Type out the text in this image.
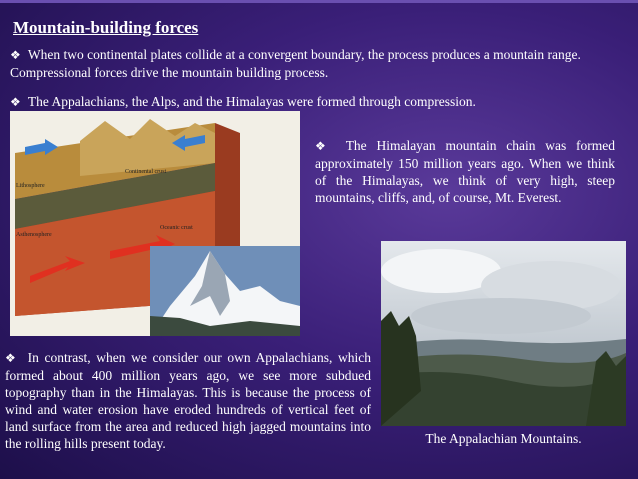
Mountain-building forces
❖ When two continental plates collide at a convergent boundary, the process produces a mountain range. Compressional forces drive the mountain building process.
❖ The Appalachians, the Alps, and the Himalayas were formed through compression.
Continental crust
Lithosphere
Asthenosphere
Oceanic crust
❖ The Himalayan mountain chain was formed approximately 150 million years ago. When we think of the Himalayas, we think of very high, steep mountains, cliffs, and, of course, Mt. Everest.
The Appalachian Mountains.
❖ In contrast, when we consider our own Appalachians, which formed about 400 million years ago, we see more subdued topography than in the Himalayas. This is because the process of wind and water erosion have eroded hundreds of vertical feet of land surface from the area and reduced high jagged mountains into the rolling hills present today.
